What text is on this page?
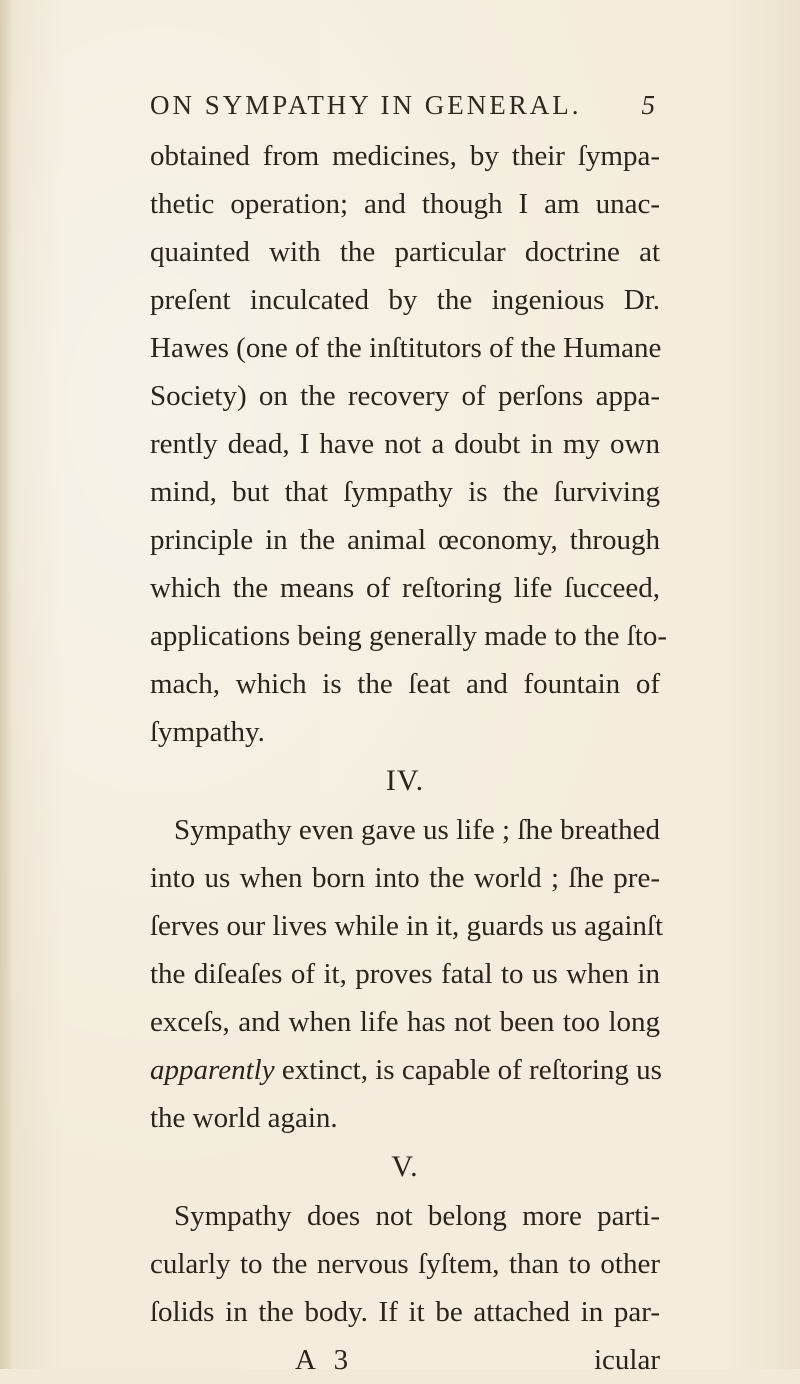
ON SYMPATHY IN GENERAL. 5
obtained from medicines, by their ſympa-
thetic operation; and though I am unac-
quainted with the particular doctrine at
preſent inculcated by the ingenious Dr.
Hawes (one of the inſtitutors of the Humane
Society) on the recovery of perſons appa-
rently dead, I have not a doubt in my own
mind, but that ſympathy is the ſurviving
principle in the animal œconomy, through
which the means of reſtoring life ſucceed,
applications being generally made to the ſto-
mach, which is the ſeat and fountain of
ſympathy.
IV.
Sympathy even gave us life ; ſhe breathed
into us when born into the world ; ſhe pre-
ſerves our lives while in it, guards us againſt
the diſeaſes of it, proves fatal to us when in
exceſs, and when life has not been too long
apparently extinct, is capable of reſtoring us
the world again.
V.
Sympathy does not belong more parti-
cularly to the nervous ſyſtem, than to other
ſolids in the body. If it be attached in par-
A 3	icular
